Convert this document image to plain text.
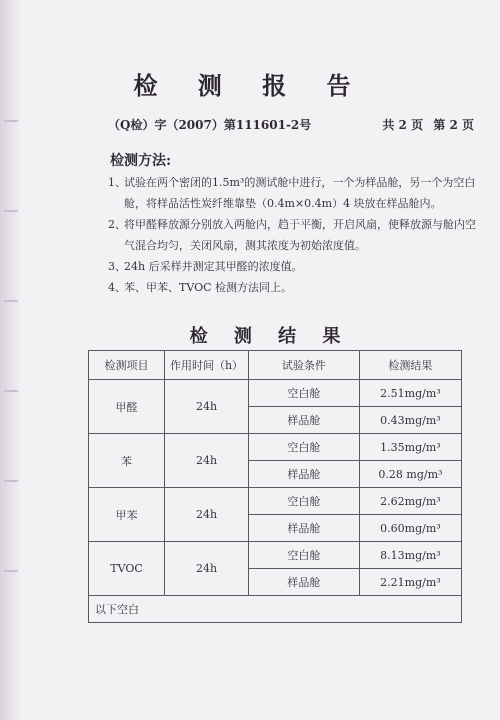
检 测 报 告
（Q检）字（2007）第111601-2号	共 2 页 第 2 页
检测方法:
1、试验在两个密闭的1.5m³的测试舱中进行，一个为样品舱，另一个为空白
舱，将样品活性炭纤维靠垫（0.4m×0.4m）4 块放在样品舱内。
2、将甲醛释放源分别放入两舱内，趋于平衡，开启风扇，使释放源与舱内空
气混合均匀，关闭风扇，测其浓度为初始浓度值。
3、24h 后采样并测定其甲醛的浓度值。
4、苯、甲苯、TVOC 检测方法同上。
检 测 结 果
检测项目	作用时间（h）	试验条件	检测结果
甲醛	24h	空白舱	2.51mg/m³
		样品舱	0.43mg/m³
苯	24h	空白舱	1.35mg/m³
		样品舱	0.28 mg/m³
甲苯	24h	空白舱	2.62mg/m³
		样品舱	0.60mg/m³
TVOC	24h	空白舱	8.13mg/m³
		样品舱	2.21mg/m³
以下空白			
